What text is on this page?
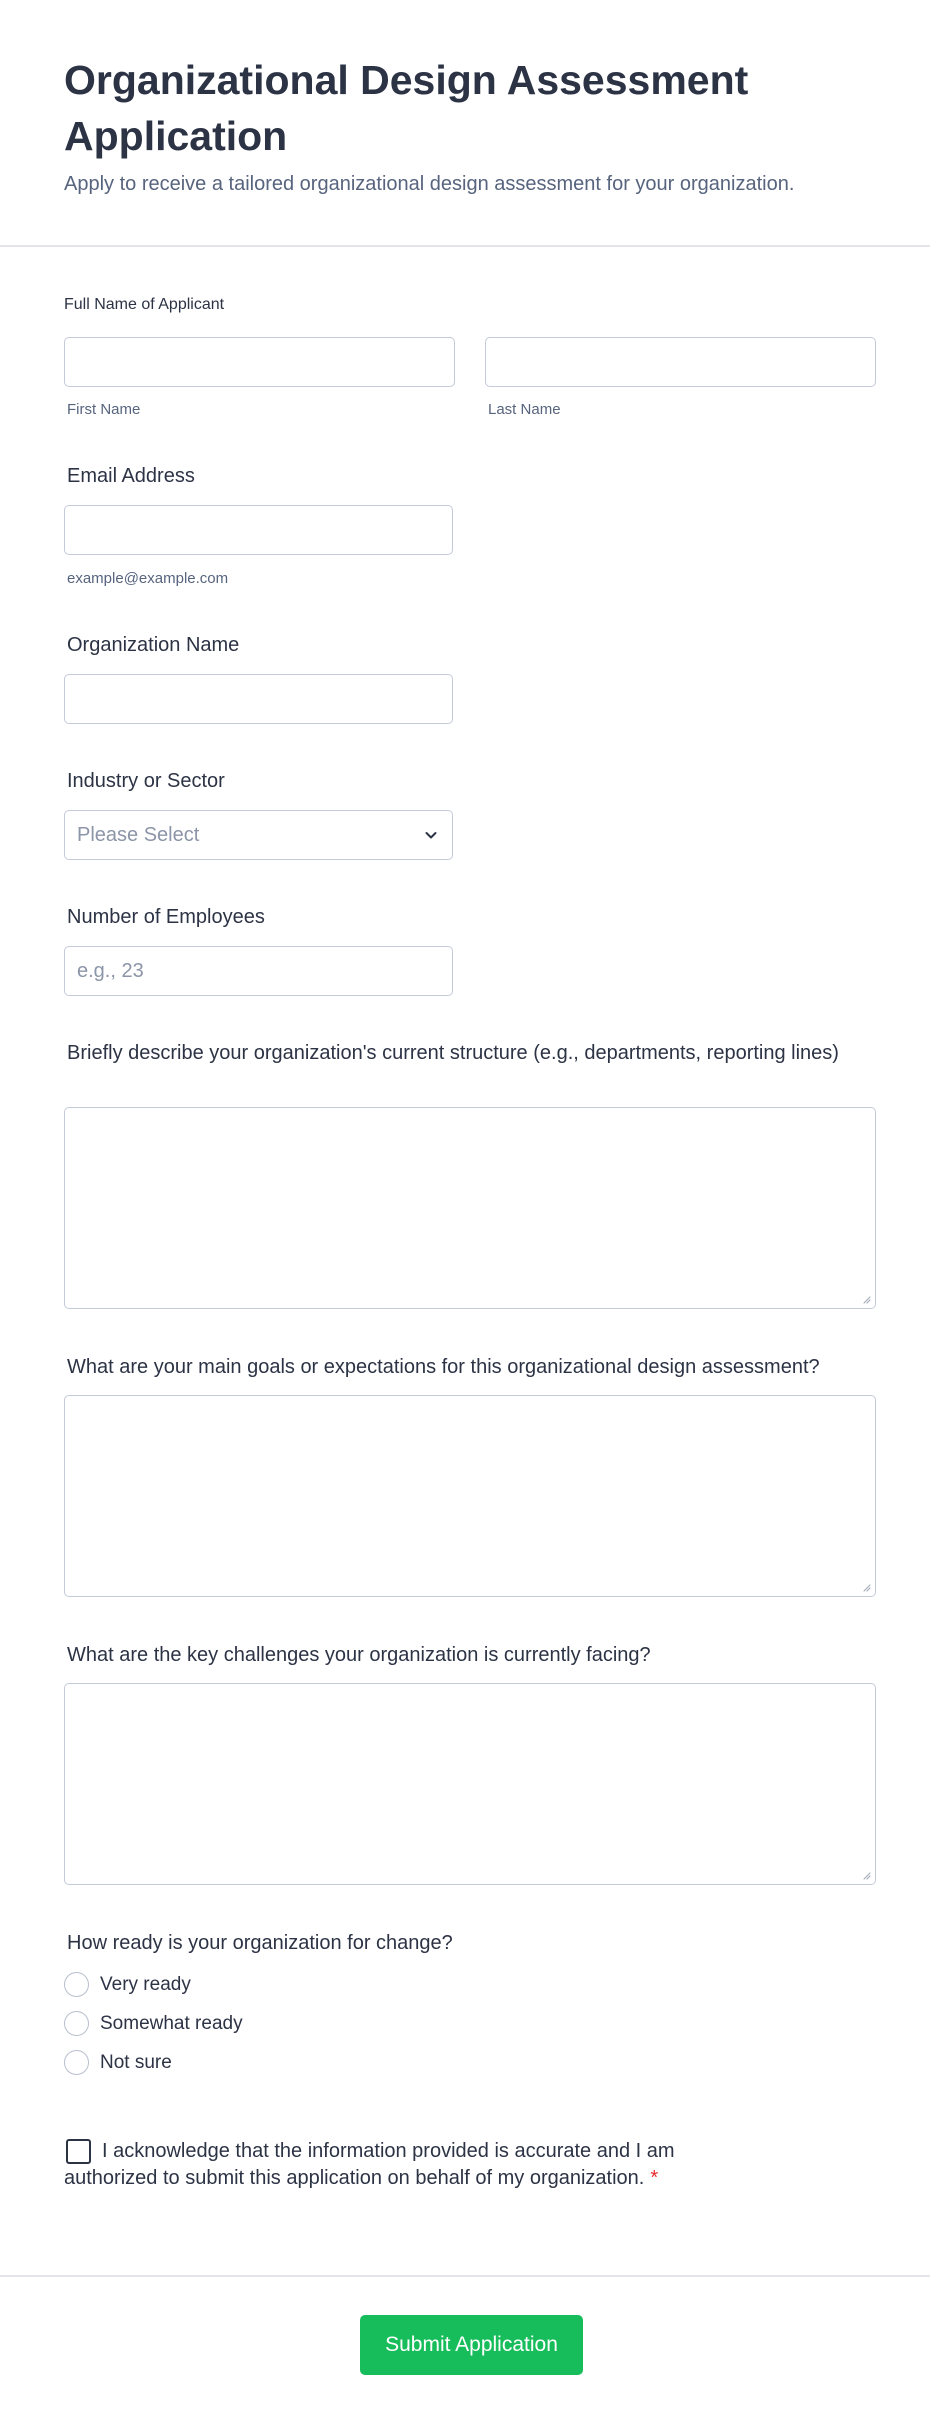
Organizational Design Assessment Application
Apply to receive a tailored organizational design assessment for your organization.
Full Name of Applicant
First Name	Last Name
Email Address
example@example.com
Organization Name
Industry or Sector
Please Select
Number of Employees
e.g., 23
Briefly describe your organization's current structure (e.g., departments, reporting lines)
What are your main goals or expectations for this organizational design assessment?
What are the key challenges your organization is currently facing?
How ready is your organization for change?
Very ready
Somewhat ready
Not sure
I acknowledge that the information provided is accurate and I am authorized to submit this application on behalf of my organization. *
Submit Application
